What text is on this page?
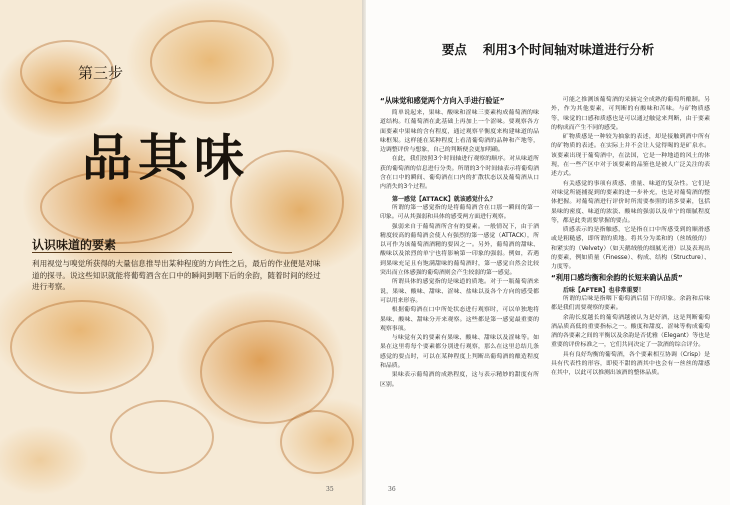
第三步
品其味
认识味道的要素
利用视觉与嗅觉所获得的大量信息推导出某种程度的方向性之后，最后的作业便是对味道的探寻。说这些知识就能将葡萄酒含在口中的瞬间到咽下后的余韵，随着时间的经过进行考察。
35
要点 利用3个时间轴对味道进行分析
“从味觉和感觉两个方向入手进行验证”

简单说起来，果味、酸味和涩味三要素构成葡萄酒的味道结构。红葡萄酒在此基础上再加上一个涩味。要观察各方面要素中果味的含有程度，通过观察平衡度来构建味道的品味框架。这样能在某种程度上看清葡萄酒的品种和产地等，边调整评价与想象，自己的判断便会更加明确。

在此，我们按照3个时间轴进行观察的顺序。对从味道所获的葡萄酒的信息进行分类。所谓的3个时间轴表示将葡萄酒含在口中的瞬间、葡萄酒在口内的扩散状态以及葡萄酒从口内消失的3个过程。

第一感觉【ATTACK】就该感觉什么？

所谓的第一感觉指的是将葡萄酒含在口那一瞬间的第一印象。可从其强弱和具体的感受两方面进行观察。

强弱来自于葡萄酒所含有的要素。一般情况下，由于酒精度较高的葡萄酒会使人有强烈的第一感觉（ATTACK），所以可作为该葡萄酒酒精的要因之一。另外，葡萄酒的甜味、酸味以及浓烈的单宁也将影响第一印象的强弱。例如，若遇到果味充足且有饱满甜味的葡萄酒时，第一感觉自然会比较突出而立体感强的葡萄酒则会产生较弱的第一感觉。

所谓具体的感觉指的是味道的质地。对于一瓶葡萄酒来说，果味、酸味、甜味、涩味、盐味以及各个方向的感受都可以用来形容。

根据葡萄酒在口中所处状态进行观察时，可以单独地将果味、酸味、甜味分开来观察。这些都是第一感觉最重要的观察事项。

与味觉有关的要素有果味、酸味、甜味以及涩味等。如果在这里将每个要素都分别进行观察，那么在这里总结几条感觉的要点时，可以在某种程度上判断出葡萄酒的酿造程度和品质。

果味表示葡萄酒的成熟程度，这与表示精妙的甜度有所区别。

可能之推测该葡萄酒的采摘完全成熟的葡萄所酿制。另外，作为其他要素，可判断的有酸味和苦味。与矿物质感等，味觉的口感和质感也是可以通过触觉来判断，由于要素的构成而产生不同的感受。

矿物质感是一种较为抽象的表述，却是接触到酒中所有的矿物质的表述。在实际上并不会让人觉得喝的是矿泉水。该要素出现于葡萄酒中，在法国，它是一种地道的风土的体现，在一些产区中对于该要素的品鉴也是被人广泛关注的表述方式。

有关感觉的事项有质感、重量、味道的复杂性。它们是对味觉所能捕捉到的要素的进一步补充，也是对葡萄酒的整体把握。对葡萄酒进行评价时所需要参照的诸多要素，包括果味的密度、味道的浓淡、酸味的强弱以及单宁的细腻程度等，都是此类需要掌握的要点。

质感表示的是指触感，它是指在口中所感受到的顺滑感或是粗糙感，即所谓的质地。将其分为柔和的（丝绒般的）和紧实的（Velvety）（如天鹅绒般的细腻光滑）以及表现出的要素，例如质量（Finesse）、构成、结构（Structure）、力度等。

“利用口感均衡和余韵的长短来确认品质”
后味【AFTER】也非常重要！

所谓的后味是指咽下葡萄酒后留下的印象。余韵和后味都是我们需要观察的要素。

余韵长度越长的葡萄酒越被认为是好酒，这是判断葡萄酒品质高低的重要指标之一。酸度和甜度、涩味等构成葡萄酒的各要素之间的平衡以及余韵是否优雅（Elegant）等也是重要的评价标准之一，它们共同决定了一款酒的综合评分。

具有良好均衡的葡萄酒，各个要素相互协调（Crisp）是具有代表性的形容，即使不甜的酒其中也会有一丝丝的甜感在其中，以此可以推测出该酒的整体品质。

36
